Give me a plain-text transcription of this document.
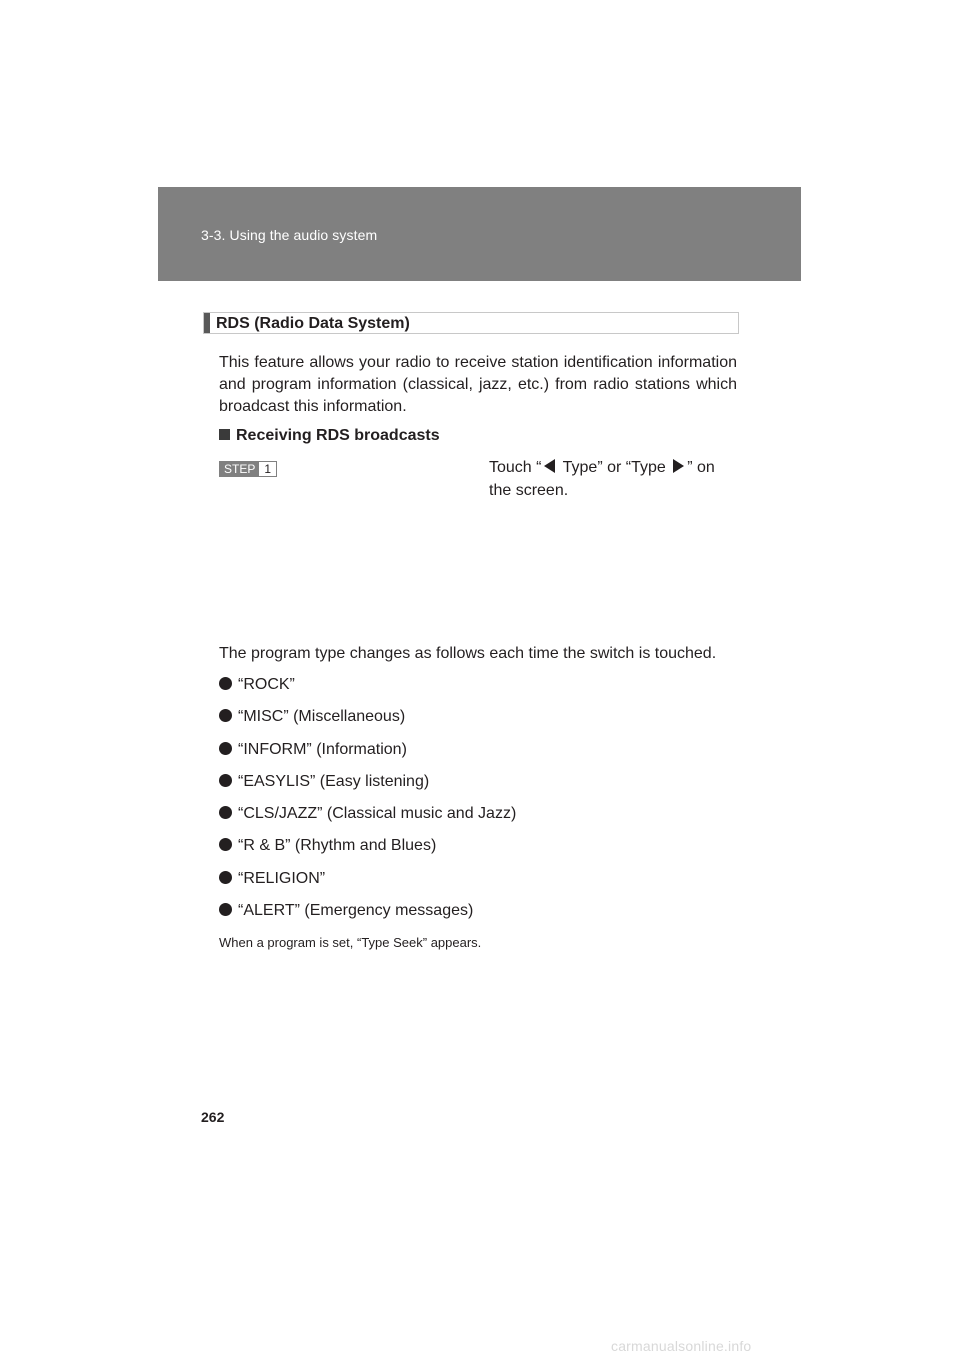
3-3. Using the audio system
RDS (Radio Data System)

This feature allows your radio to receive station identification information and program information (classical, jazz, etc.) from radio stations which broadcast this information.

Receiving RDS broadcasts
STEP 1	Touch “ Type” or “Type ” on the screen.
The program type changes as follows each time the switch is touched.
“ROCK”
“MISC” (Miscellaneous)
“INFORM” (Information)
“EASYLIS” (Easy listening)
“CLS/JAZZ” (Classical music and Jazz)
“R & B” (Rhythm and Blues)
“RELIGION”
“ALERT” (Emergency messages)
When a program is set, “Type Seek” appears.
262
carmanualsonline.info
